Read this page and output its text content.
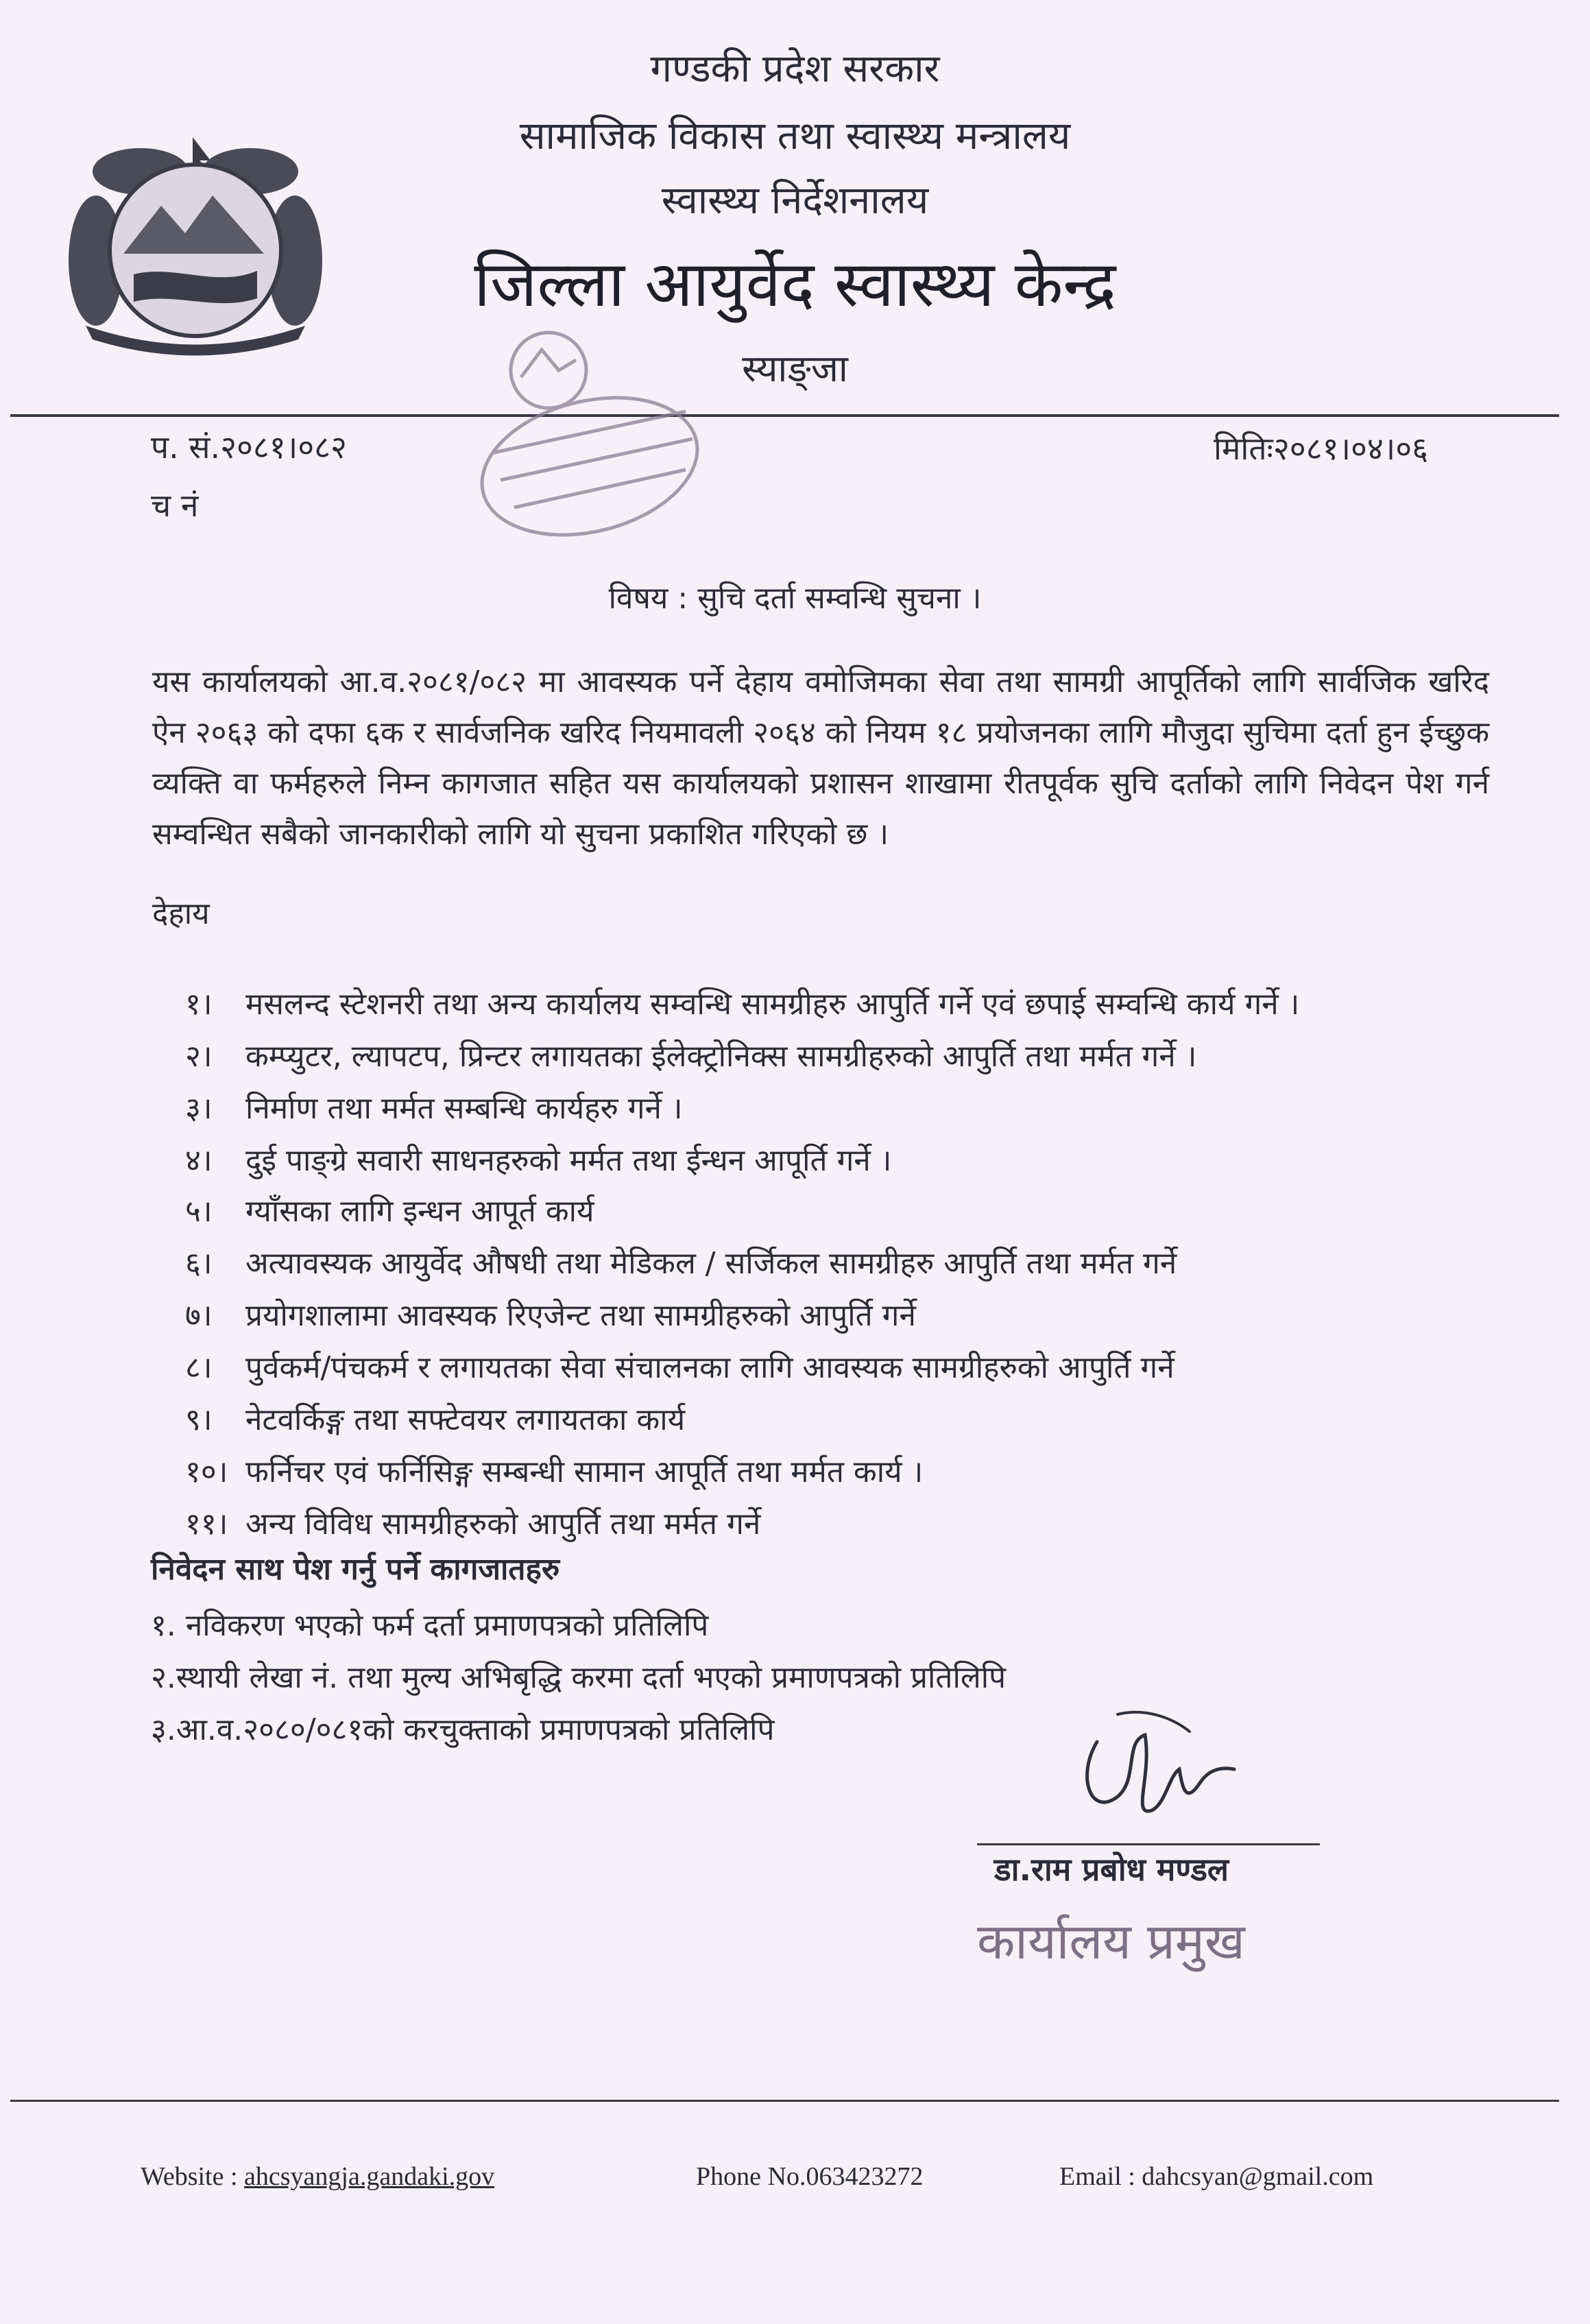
गण्डकी प्रदेश सरकार
सामाजिक विकास तथा स्वास्थ्य मन्त्रालय
स्वास्थ्य निर्देशनालय
जिल्ला आयुर्वेद स्वास्थ्य केन्द्र
स्याङ्जा
प. सं.२०८१।०८२
च नं
मितिः२०८१।०४।०६
विषय : सुचि दर्ता सम्वन्धि सुचना ।
यस कार्यालयको आ.व.२०८१/०८२ मा आवस्यक पर्ने देहाय वमोजिमका सेवा तथा सामग्री आपूर्तिको लागि सार्वजिक खरिद ऐन २०६३ को दफा ६क र सार्वजनिक खरिद नियमावली २०६४ को नियम १८ प्रयोजनका लागि मौजुदा सुचिमा दर्ता हुन ईच्छुक व्यक्ति वा फर्महरुले निम्न कागजात सहित यस कार्यालयको प्रशासन शाखामा रीतपूर्वक सुचि दर्ताको लागि निवेदन पेश गर्न सम्वन्धित सबैको जानकारीको लागि यो सुचना प्रकाशित गरिएको छ ।
देहाय
१। मसलन्द स्टेशनरी तथा अन्य कार्यालय सम्वन्धि सामग्रीहरु आपुर्ति गर्ने एवं छपाई सम्वन्धि कार्य गर्ने ।
२। कम्प्युटर, ल्यापटप, प्रिन्टर लगायतका ईलेक्ट्रोनिक्स सामग्रीहरुको आपुर्ति तथा मर्मत गर्ने ।
३। निर्माण तथा मर्मत सम्बन्धि कार्यहरु गर्ने ।
४। दुई पाङ्ग्रे सवारी साधनहरुको मर्मत तथा ईन्धन आपूर्ति गर्ने ।
५। ग्याँसका लागि इन्धन आपूर्त कार्य
६। अत्यावस्यक आयुर्वेद औषधी तथा मेडिकल / सर्जिकल सामग्रीहरु आपुर्ति तथा मर्मत गर्ने
७। प्रयोगशालामा आवस्यक रिएजेन्ट तथा सामग्रीहरुको आपुर्ति गर्ने
८। पुर्वकर्म/पंचकर्म र लगायतका सेवा संचालनका लागि आवस्यक सामग्रीहरुको आपुर्ति गर्ने
९। नेटवर्किङ्ग तथा सफ्टेवयर लगायतका कार्य
१०। फर्निचर एवं फर्निसिङ्ग सम्बन्धी सामान आपूर्ति तथा मर्मत कार्य ।
११। अन्य विविध सामग्रीहरुको आपुर्ति तथा मर्मत गर्ने
निवेदन साथ पेश गर्नु पर्ने कागजातहरु
१. नविकरण भएको फर्म दर्ता प्रमाणपत्रको प्रतिलिपि
२.स्थायी लेखा नं. तथा मुल्य अभिबृद्धि करमा दर्ता भएको प्रमाणपत्रको प्रतिलिपि
३.आ.व.२०८०/०८१को करचुक्ताको प्रमाणपत्रको प्रतिलिपि
डा.राम प्रबोध मण्डल
कार्यालय प्रमुख
Website : ahcsyangja.gandaki.gov	Phone No.063423272	Email : dahcsyan@gmail.com
